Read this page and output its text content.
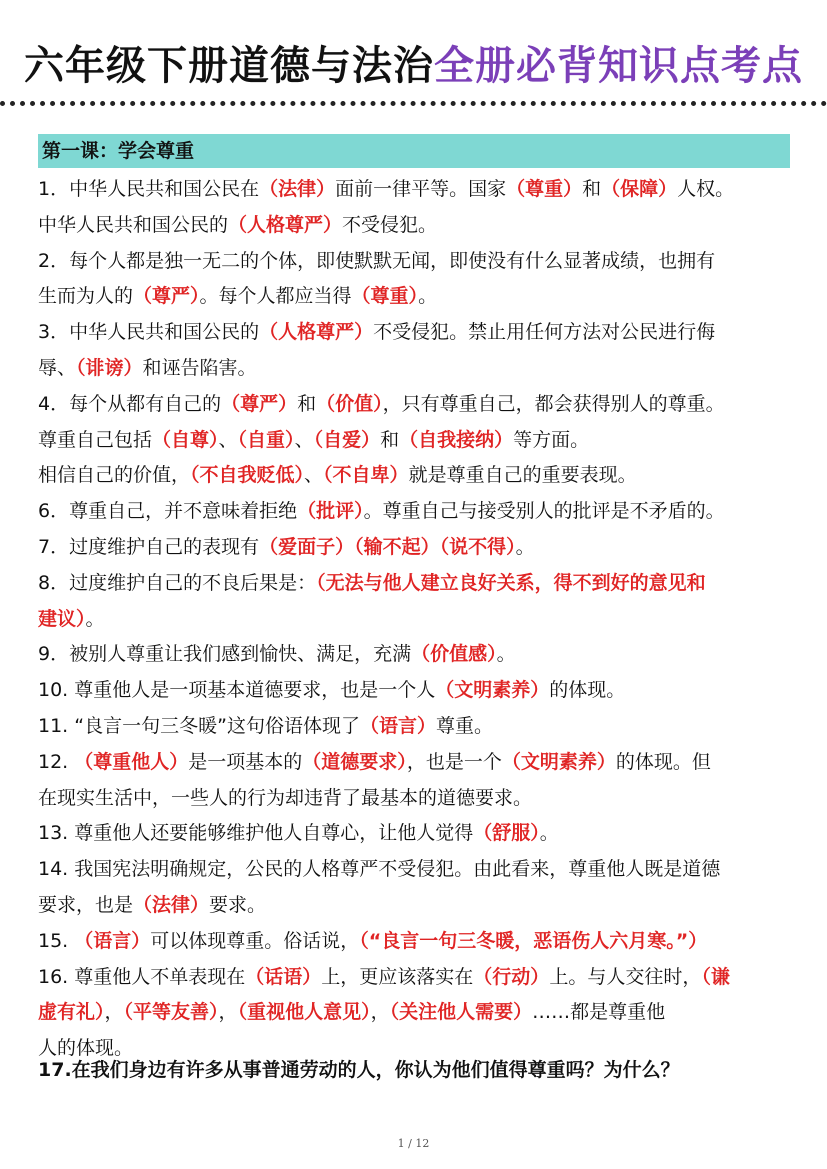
六年级下册道德与法治全册必背知识点考点
第一课：学会尊重
1．中华人民共和国公民在（法律）面前一律平等。国家（尊重）和（保障）人权。
中华人民共和国公民的（人格尊严）不受侵犯。
2．每个人都是独一无二的个体，即使默默无闻，即使没有什么显著成绩，也拥有
生而为人的（尊严）。每个人都应当得（尊重）。
3．中华人民共和国公民的（人格尊严）不受侵犯。禁止用任何方法对公民进行侮
辱、（诽谤）和诬告陷害。
4．每个从都有自己的（尊严）和（价值），只有尊重自己，都会获得别人的尊重。
尊重自己包括（自尊）、（自重）、（自爱）和（自我接纳）等方面。
相信自己的价值，（不自我贬低）、（不自卑）就是尊重自己的重要表现。
6．尊重自己，并不意味着拒绝（批评）。尊重自己与接受别人的批评是不矛盾的。
7．过度维护自己的表现有（爱面子）（输不起）（说不得）。
8．过度维护自己的不良后果是：（无法与他人建立良好关系，得不到好的意见和
建议）。
9．被别人尊重让我们感到愉快、满足，充满（价值感）。
10. 尊重他人是一项基本道德要求，也是一个人（文明素养）的体现。
11. “良言一句三冬暖”这句俗语体现了（语言）尊重。
12. （尊重他人）是一项基本的（道德要求），也是一个（文明素养）的体现。但
在现实生活中，一些人的行为却违背了最基本的道德要求。
13. 尊重他人还要能够维护他人自尊心，让他人觉得（舒服）。
14. 我国宪法明确规定，公民的人格尊严不受侵犯。由此看来，尊重他人既是道德
要求，也是（法律）要求。
15. （语言）可以体现尊重。俗话说，（“良言一句三冬暖，恶语伤人六月寒。”）
16. 尊重他人不单表现在（话语）上，更应该落实在（行动）上。与人交往时，（谦
虚有礼），（平等友善），（重视他人意见），（关注他人需要）……都是尊重他
人的体现。
17.在我们身边有许多从事普通劳动的人，你认为他们值得尊重吗？为什么？
1 / 12
